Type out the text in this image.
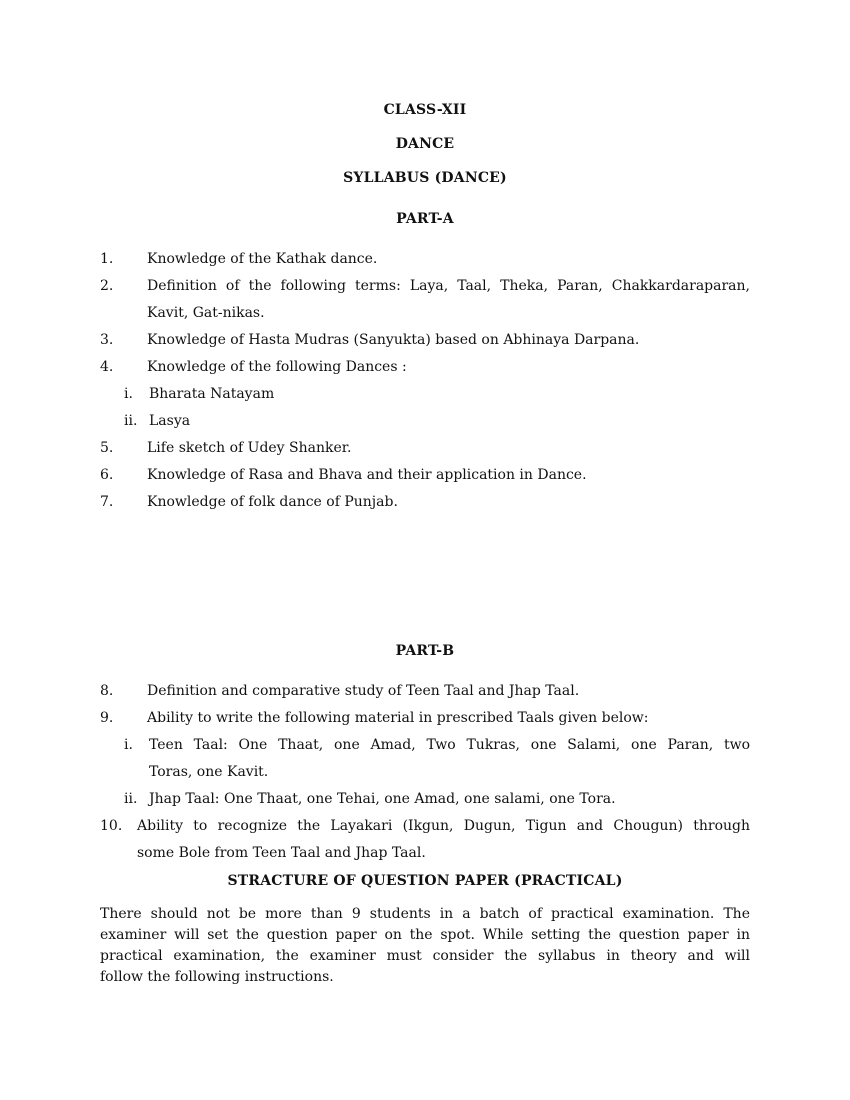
CLASS-XII
DANCE
SYLLABUS (DANCE)
PART-A
1. Knowledge of the Kathak dance.
2. Definition of the following terms: Laya, Taal, Theka, Paran, Chakkardaraparan,
Kavit, Gat-nikas.
3. Knowledge of Hasta Mudras (Sanyukta) based on Abhinaya Darpana.
4. Knowledge of the following Dances :
i. Bharata Natayam
ii. Lasya
5. Life sketch of Udey Shanker.
6. Knowledge of Rasa and Bhava and their application in Dance.
7. Knowledge of folk dance of Punjab.
PART-B
8. Definition and comparative study of Teen Taal and Jhap Taal.
9. Ability to write the following material in prescribed Taals given below:
i. Teen Taal: One Thaat, one Amad, Two Tukras, one Salami, one Paran, two
Toras, one Kavit.
ii. Jhap Taal: One Thaat, one Tehai, one Amad, one salami, one Tora.
10. Ability to recognize the Layakari (Ikgun, Dugun, Tigun and Chougun) through
some Bole from Teen Taal and Jhap Taal.
STRACTURE OF QUESTION PAPER (PRACTICAL)
There should not be more than 9 students in a batch of practical examination. The
examiner will set the question paper on the spot. While setting the question paper in
practical examination, the examiner must consider the syllabus in theory and will
follow the following instructions.
